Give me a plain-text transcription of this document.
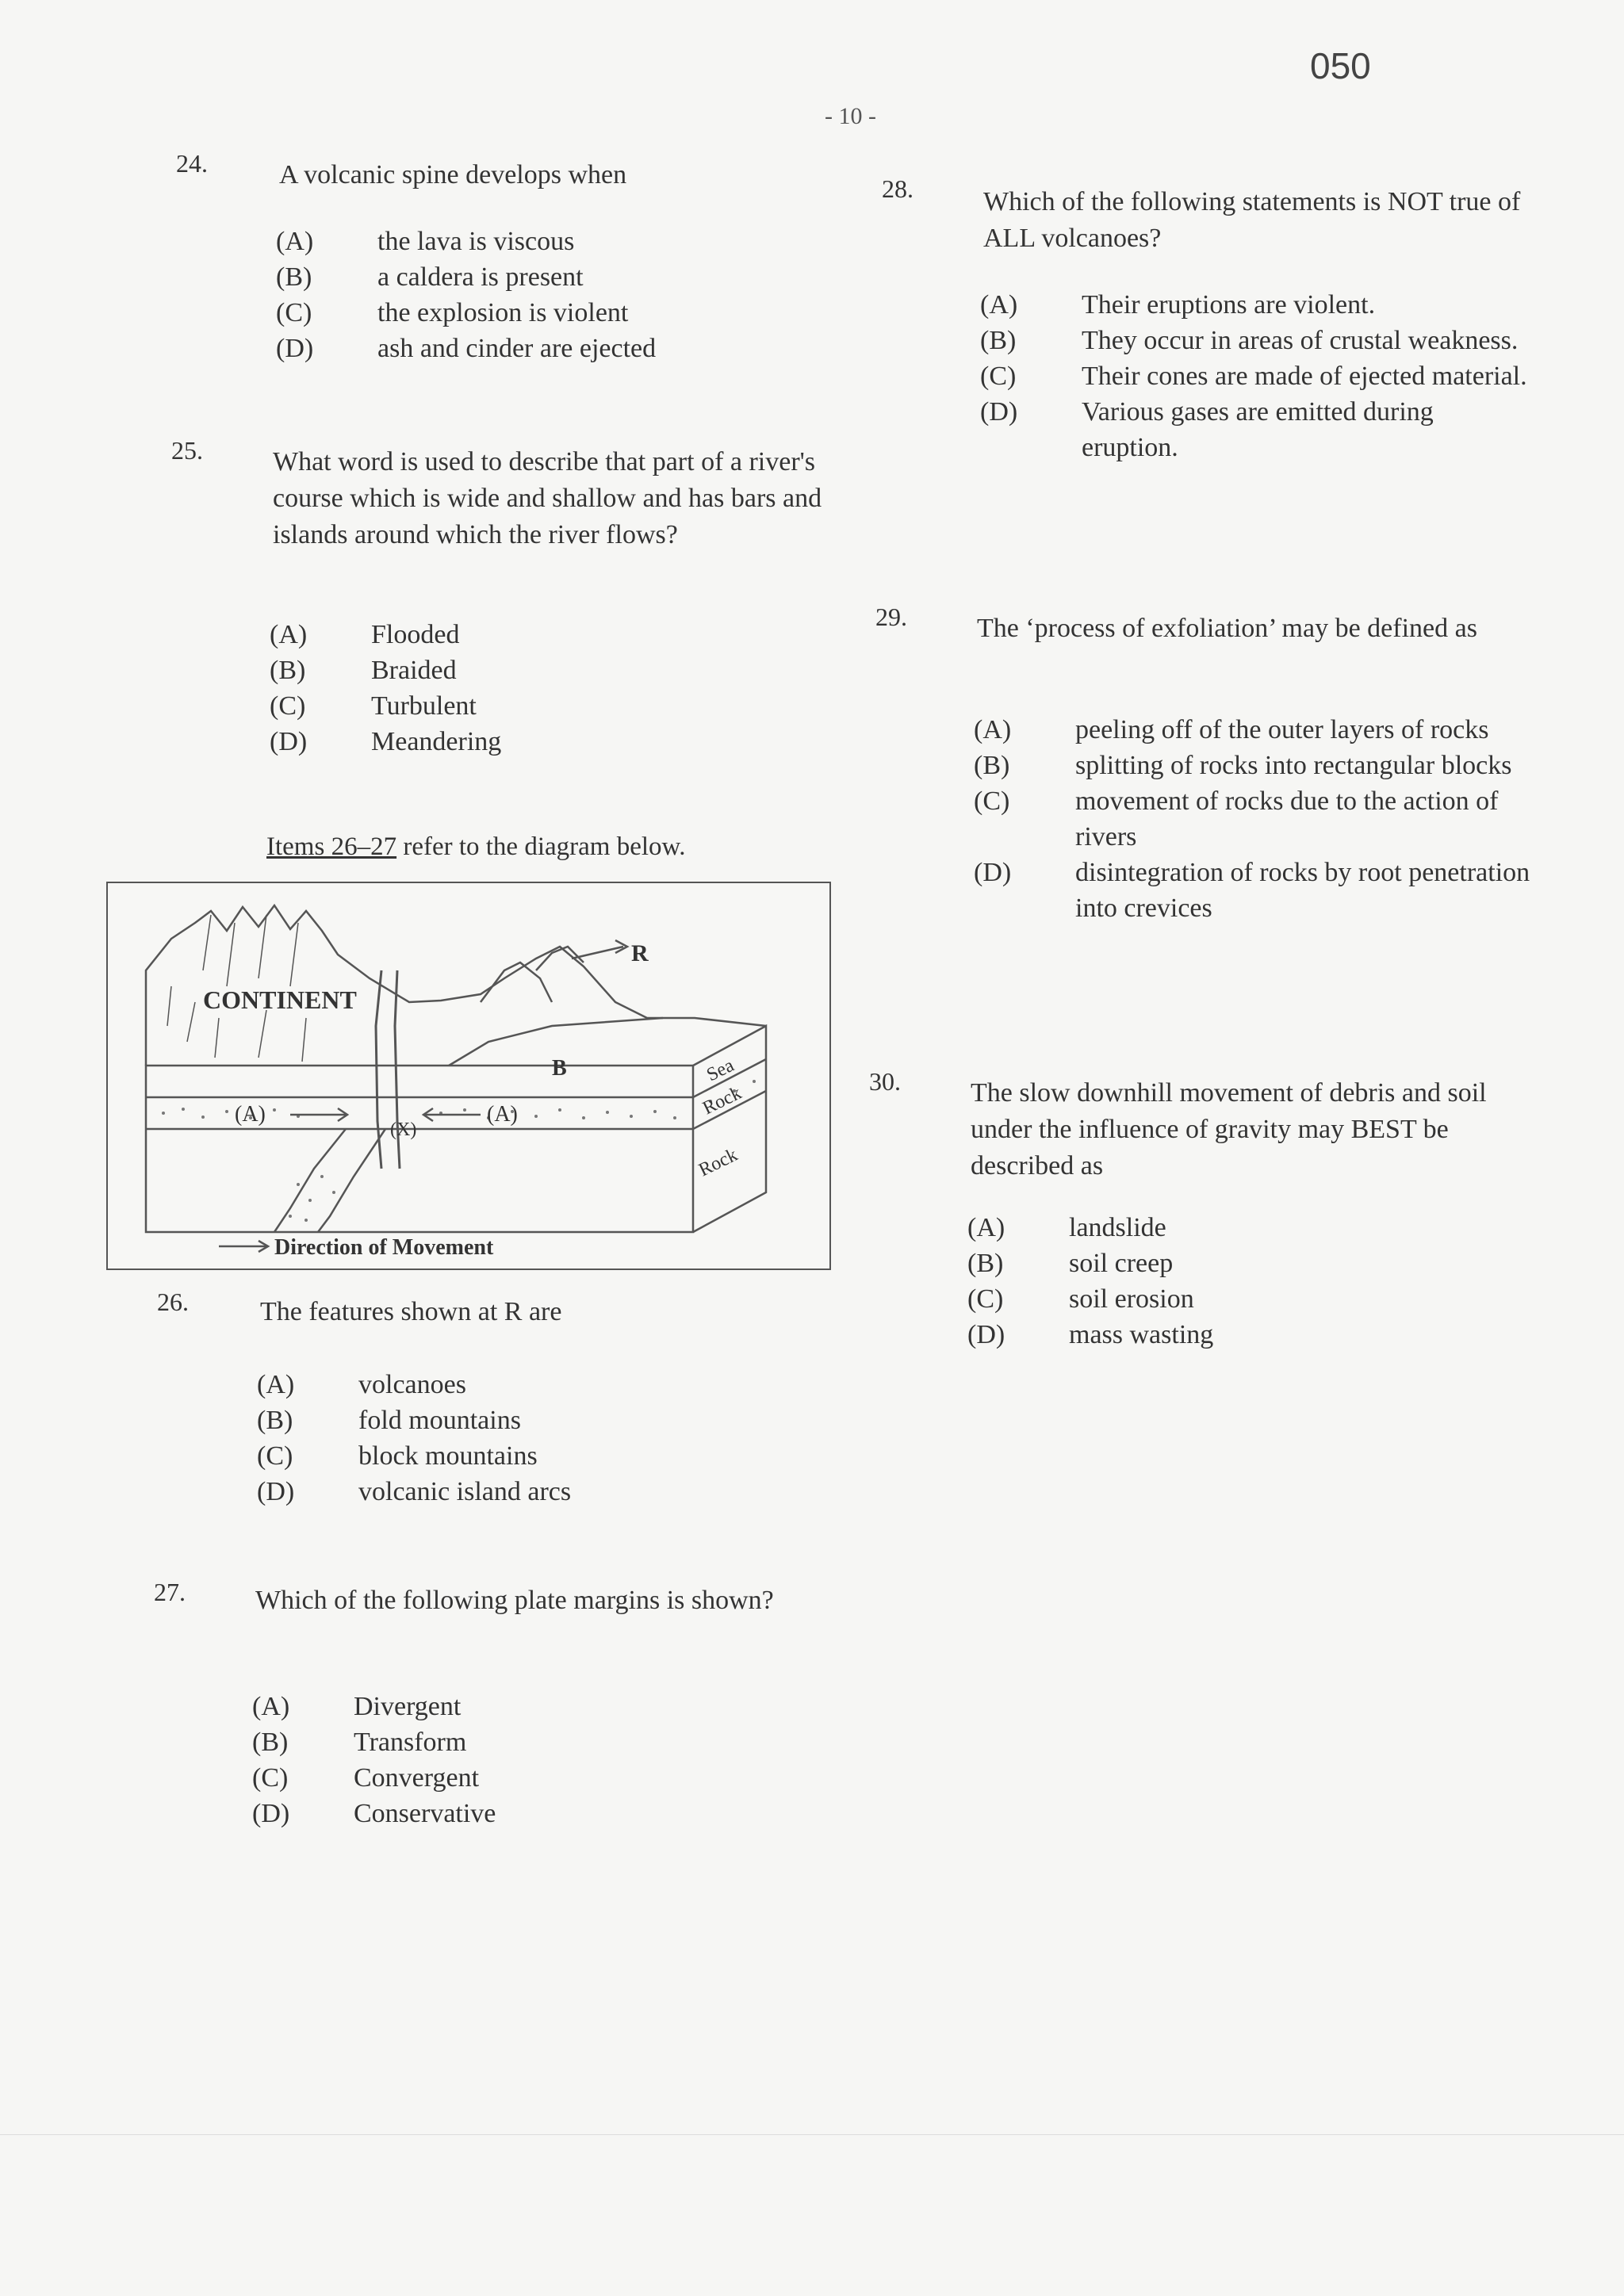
050
- 10 -
24.	A volcanic spine develops when
(A)	the lava is viscous
(B)	a caldera is present
(C)	the explosion is violent
(D)	ash and cinder are ejected
25.	What word is used to describe that part of a river's course which is wide and shallow and has bars and islands around which the river flows?
(A)	Flooded
(B)	Braided
(C)	Turbulent
(D)	Meandering
Items 26–27 refer to the diagram below.
CONTINENT
R
B
(A)	(A)
(X)
Sea
Rock
Rock
Direction of Movement
26.	The features shown at R are
(A)	volcanoes
(B)	fold mountains
(C)	block mountains
(D)	volcanic island arcs
27.	Which of the following plate margins is shown?
(A)	Divergent
(B)	Transform
(C)	Convergent
(D)	Conservative
28.	Which of the following statements is NOT true of ALL volcanoes?
(A)	Their eruptions are violent.
(B)	They occur in areas of crustal weakness.
(C)	Their cones are made of ejected material.
(D)	Various gases are emitted during eruption.
29.	The ‘process of exfoliation’ may be defined as
(A)	peeling off of the outer layers of rocks
(B)	splitting of rocks into rectangular blocks
(C)	movement of rocks due to the action of rivers
(D)	disintegration of rocks by root penetration into crevices
30.	The slow downhill movement of debris and soil under the influence of gravity may BEST be described as
(A)	landslide
(B)	soil creep
(C)	soil erosion
(D)	mass wasting
